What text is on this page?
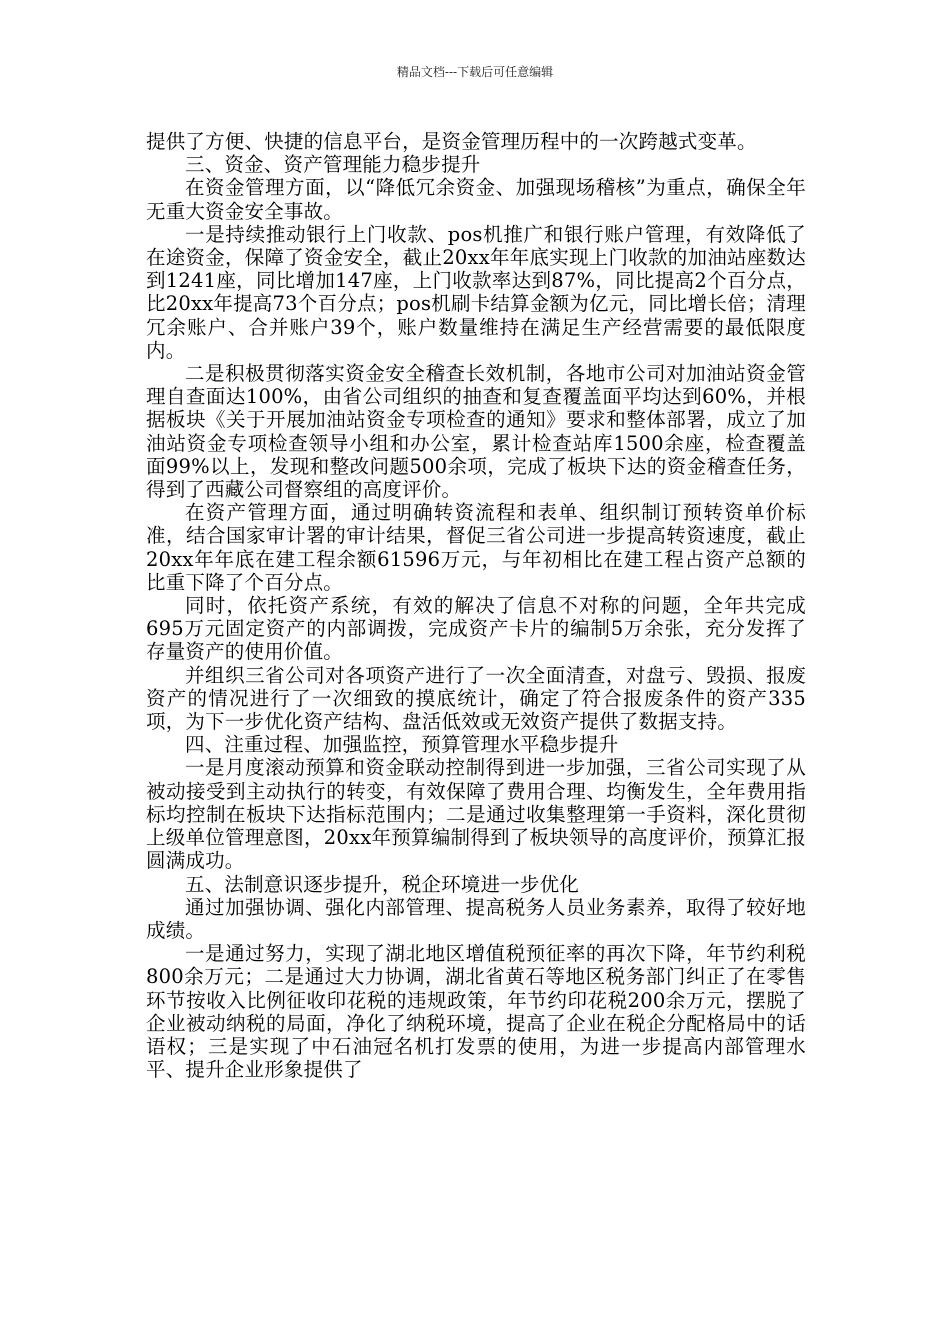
精品文档---下载后可任意编辑

提供了方便、快捷的信息平台，是资金管理历程中的一次跨越式变革。

三、资金、资产管理能力稳步提升

在资金管理方面，以“降低冗余资金、加强现场稽核”为重点，确保全年无重大资金安全事故。

一是持续推动银行上门收款、pos机推广和银行账户管理，有效降低了在途资金，保障了资金安全，截止20xx年年底实现上门收款的加油站座数达到1241座，同比增加147座，上门收款率达到87%，同比提高2个百分点，比20xx年提高73个百分点；pos机刷卡结算金额为亿元，同比增长倍；清理冗余账户、合并账户39个，账户数量维持在满足生产经营需要的最低限度内。

二是积极贯彻落实资金安全稽查长效机制，各地市公司对加油站资金管理自查面达100%，由省公司组织的抽查和复查覆盖面平均达到60%，并根据板块《关于开展加油站资金专项检查的通知》要求和整体部署，成立了加油站资金专项检查领导小组和办公室，累计检查站库1500余座，检查覆盖面99%以上，发现和整改问题500余项，完成了板块下达的资金稽查任务，得到了西藏公司督察组的高度评价。

在资产管理方面，通过明确转资流程和表单、组织制订预转资单价标准，结合国家审计署的审计结果，督促三省公司进一步提高转资速度，截止20xx年年底在建工程余额61596万元，与年初相比在建工程占资产总额的比重下降了个百分点。

同时，依托资产系统，有效的解决了信息不对称的问题，全年共完成695万元固定资产的内部调拨，完成资产卡片的编制5万余张，充分发挥了存量资产的使用价值。

并组织三省公司对各项资产进行了一次全面清查，对盘亏、毁损、报废资产的情况进行了一次细致的摸底统计，确定了符合报废条件的资产335项，为下一步优化资产结构、盘活低效或无效资产提供了数据支持。

四、注重过程、加强监控，预算管理水平稳步提升

一是月度滚动预算和资金联动控制得到进一步加强，三省公司实现了从被动接受到主动执行的转变，有效保障了费用合理、均衡发生，全年费用指标均控制在板块下达指标范围内；二是通过收集整理第一手资料，深化贯彻上级单位管理意图，20xx年预算编制得到了板块领导的高度评价，预算汇报圆满成功。

五、法制意识逐步提升，税企环境进一步优化

通过加强协调、强化内部管理、提高税务人员业务素养，取得了较好地成绩。

一是通过努力，实现了湖北地区增值税预征率的再次下降，年节约利税800余万元；二是通过大力协调，湖北省黄石等地区税务部门纠正了在零售环节按收入比例征收印花税的违规政策，年节约印花税200余万元，摆脱了企业被动纳税的局面，净化了纳税环境，提高了企业在税企分配格局中的话语权；三是实现了中石油冠名机打发票的使用，为进一步提高内部管理水平、提升企业形象提供了
